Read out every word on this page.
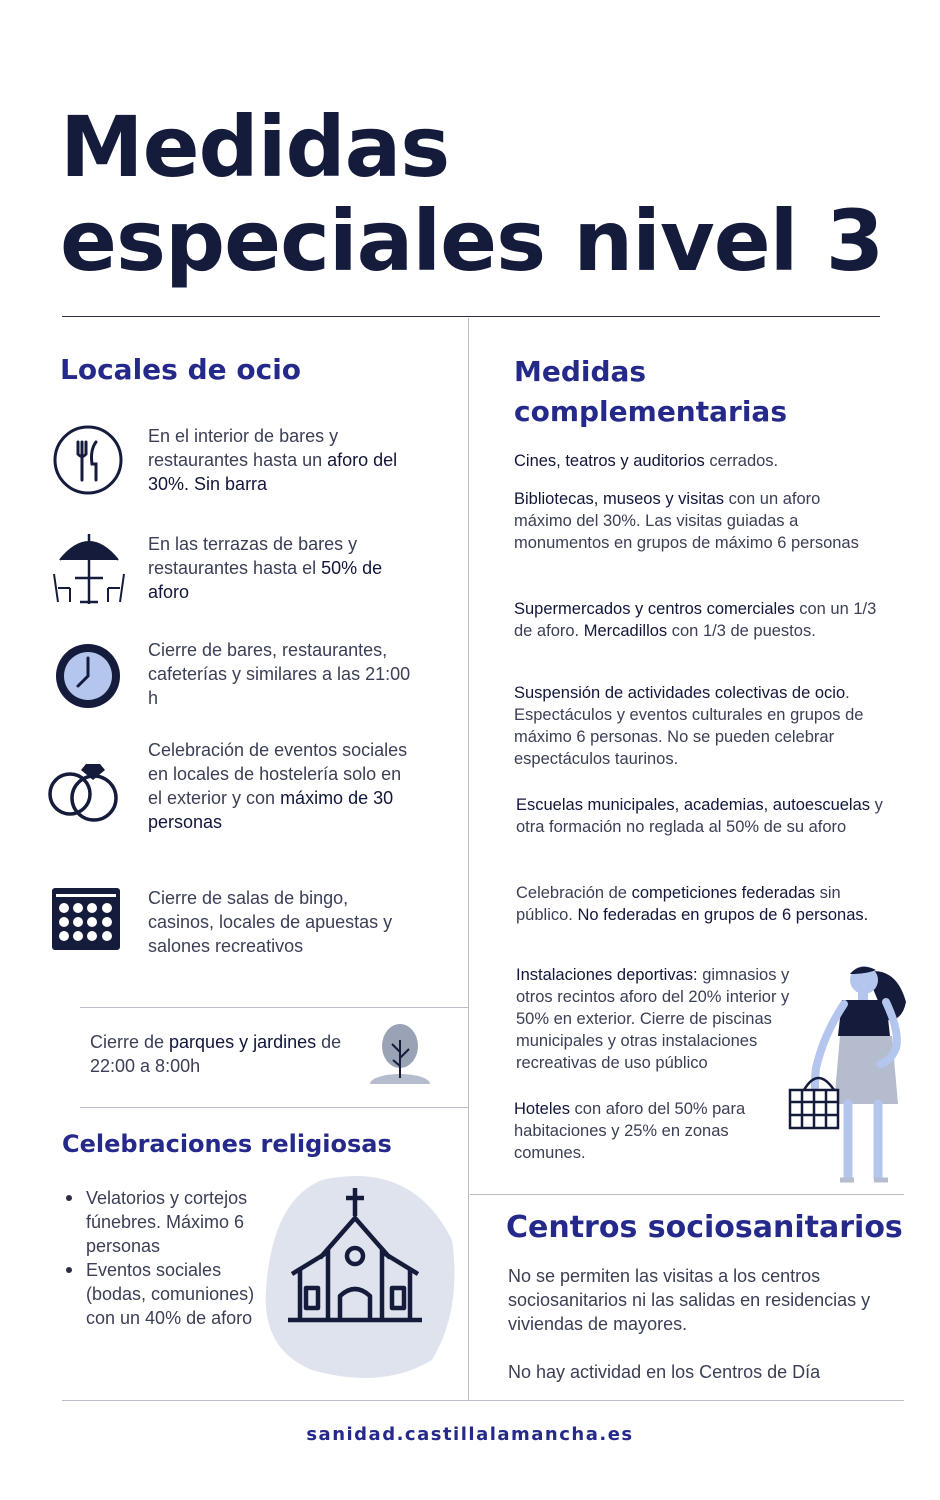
Medidas
especiales nivel 3
Locales de ocio
En el interior de bares y restaurantes hasta un aforo del 30%. Sin barra
En las terrazas de bares y restaurantes hasta el 50% de aforo
Cierre de bares, restaurantes, cafeterías y similares a las 21:00 h
Celebración de eventos sociales en locales de hostelería solo en el exterior y con máximo de 30 personas
Cierre de salas de bingo, casinos, locales de apuestas y salones recreativos
Cierre de parques y jardines de 22:00 a 8:00h
Celebraciones religiosas
Velatorios y cortejos fúnebres. Máximo 6 personas
Eventos sociales (bodas, comuniones) con un 40% de aforo
Medidas
complementarias
Cines, teatros y auditorios cerrados.
Bibliotecas, museos y visitas con un aforo máximo del 30%. Las visitas guiadas a monumentos en grupos de máximo 6 personas
Supermercados y centros comerciales con un 1/3 de aforo. Mercadillos con 1/3 de puestos.
Suspensión de actividades colectivas de ocio. Espectáculos y eventos culturales en grupos de máximo 6 personas. No se pueden celebrar espectáculos taurinos.
Escuelas municipales, academias, autoescuelas y otra formación no reglada al 50% de su aforo
Celebración de competiciones federadas sin público. No federadas en grupos de 6 personas.
Instalaciones deportivas: gimnasios y otros recintos aforo del 20% interior y 50% en exterior. Cierre de piscinas municipales y otras instalaciones recreativas de uso público
Hoteles con aforo del 50% para habitaciones y 25% en zonas comunes.
Centros sociosanitarios
No se permiten las visitas a los centros sociosanitarios ni las salidas en residencias y viviendas de mayores.
No hay actividad en los Centros de Día
sanidad.castillalamancha.es
